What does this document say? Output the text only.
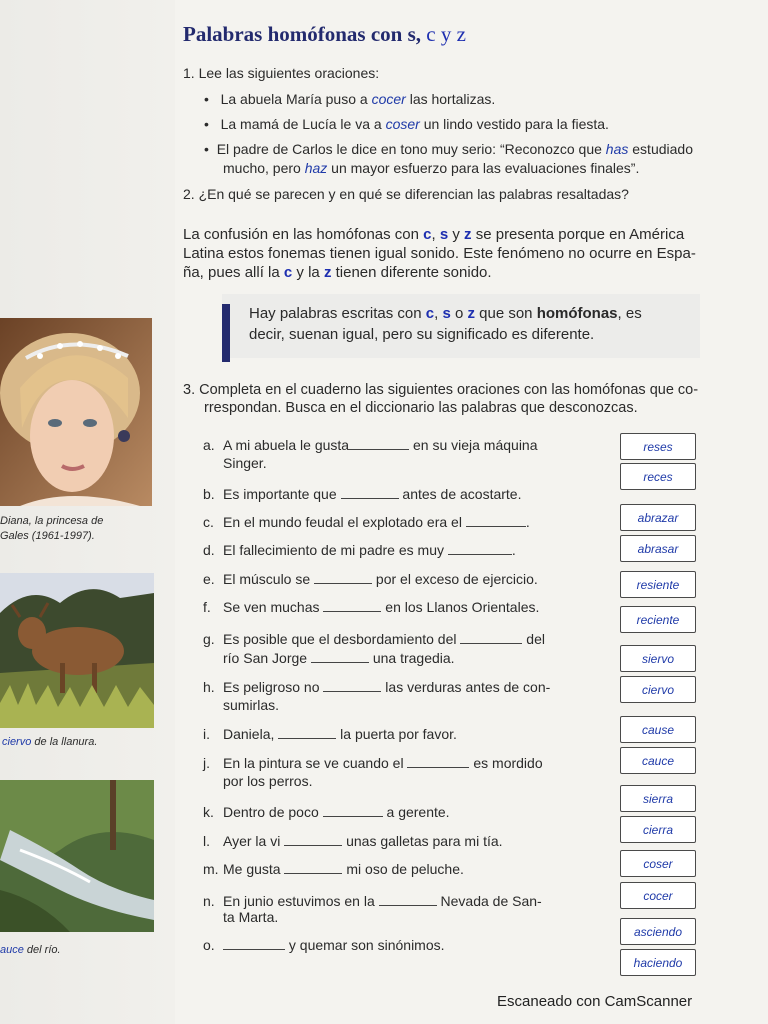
Palabras homófonas con s, c y z
1. Lee las siguientes oraciones:
• La abuela María puso a cocer las hortalizas.
• La mamá de Lucía le va a coser un lindo vestido para la fiesta.
• El padre de Carlos le dice en tono muy serio: “Reconozco que has estudiado
mucho, pero haz un mayor esfuerzo para las evaluaciones finales”.
2. ¿En qué se parecen y en qué se diferencian las palabras resaltadas?
La confusión en las homófonas con c, s y z se presenta porque en América
Latina estos fonemas tienen igual sonido. Este fenómeno no ocurre en Espa-
ña, pues allí la c y la z tienen diferente sonido.
Hay palabras escritas con c, s o z que son homófonas, es
decir, suenan igual, pero su significado es diferente.
Diana, la princesa de
Gales (1961-1997).
ciervo de la llanura.
auce del río.
3. Completa en el cuaderno las siguientes oraciones con las homófonas que co-
rrespondan. Busca en el diccionario las palabras que desconozcas.
a. A mi abuela le gusta	en su vieja máquina
Singer.
b. Es importante que	antes de acostarte.
c. En el mundo feudal el explotado era el	.
d. El fallecimiento de mi padre es muy	.
e. El músculo se	por el exceso de ejercicio.
f. Se ven muchas	en los Llanos Orientales.
g. Es posible que el desbordamiento del	del
río San Jorge	una tragedia.
h. Es peligroso no	las verduras antes de con-
sumirlas.
i. Daniela,	la puerta por favor.
j. En la pintura se ve cuando el	es mordido
por los perros.
k. Dentro de poco	a gerente.
l. Ayer la vi	unas galletas para mi tía.
m. Me gusta	mi oso de peluche.
n. En junio estuvimos en la	Nevada de San-
ta Marta.
o.	y quemar son sinónimos.
reses
reces
abrazar
abrasar
resiente
reciente
siervo
ciervo
cause
cauce
sierra
cierra
coser
cocer
asciendo
haciendo
Escaneado con CamScanner
